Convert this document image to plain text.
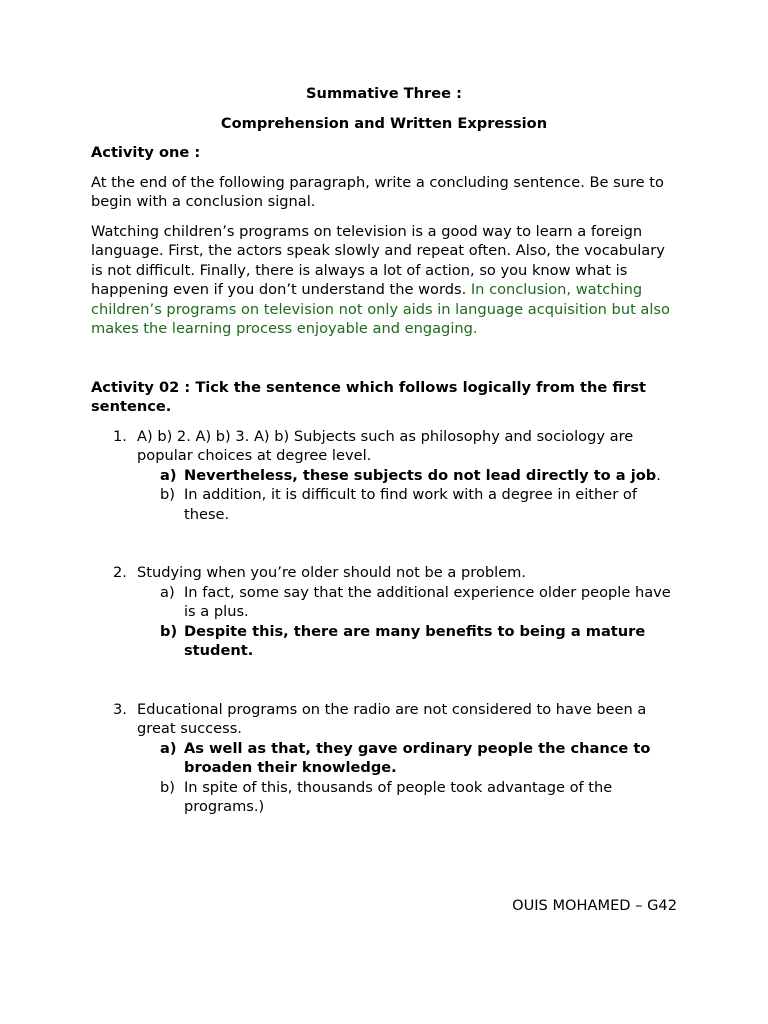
Summative Three :
Comprehension and Written Expression
Activity one :

At the end of the following paragraph, write a concluding sentence. Be sure to begin with a conclusion signal.

Watching children’s programs on television is a good way to learn a foreign language. First, the actors speak slowly and repeat often. Also, the vocabulary is not difficult. Finally, there is always a lot of action, so you know what is happening even if you don’t understand the words. In conclusion, watching children’s programs on television not only aids in language acquisition but also makes the learning process enjoyable and engaging.

Activity 02 : Tick the sentence which follows logically from the first sentence.
1. A) b) 2. A) b) 3. A) b) Subjects such as philosophy and sociology are popular choices at degree level.
a) Nevertheless, these subjects do not lead directly to a job.
b) In addition, it is difficult to find work with a degree in either of these.
2. Studying when you’re older should not be a problem.
a) In fact, some say that the additional experience older people have is a plus.
b) Despite this, there are many benefits to being a mature student.
3. Educational programs on the radio are not considered to have been a great success.
a) As well as that, they gave ordinary people the chance to broaden their knowledge.
b) In spite of this, thousands of people took advantage of the programs.)
OUIS MOHAMED – G42
